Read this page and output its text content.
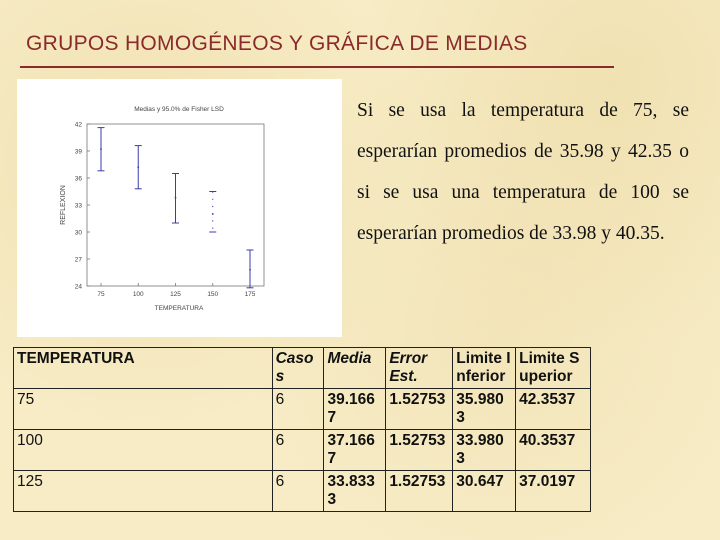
GRUPOS HOMOGÉNEOS Y GRÁFICA DE MEDIAS
Medias y 95.0% de Fisher LSD
REFLEXION
TEMPERATURA
24
27
30
33
36
39
42
75	100	125	150	175

Si se usa la temperatura de 75, se esperarían promedios de 35.98 y 42.35 o si se usa una temperatura de 100 se esperarían promedios de 33.98 y 40.35.

TEMPERATURA	Casos	Media	Error Est.	Limite Inferior	Limite Superior
75	6	39.1667	1.52753	35.9803	42.3537
100	6	37.1667	1.52753	33.9803	40.3537
125	6	33.8333	1.52753	30.647	37.0197
